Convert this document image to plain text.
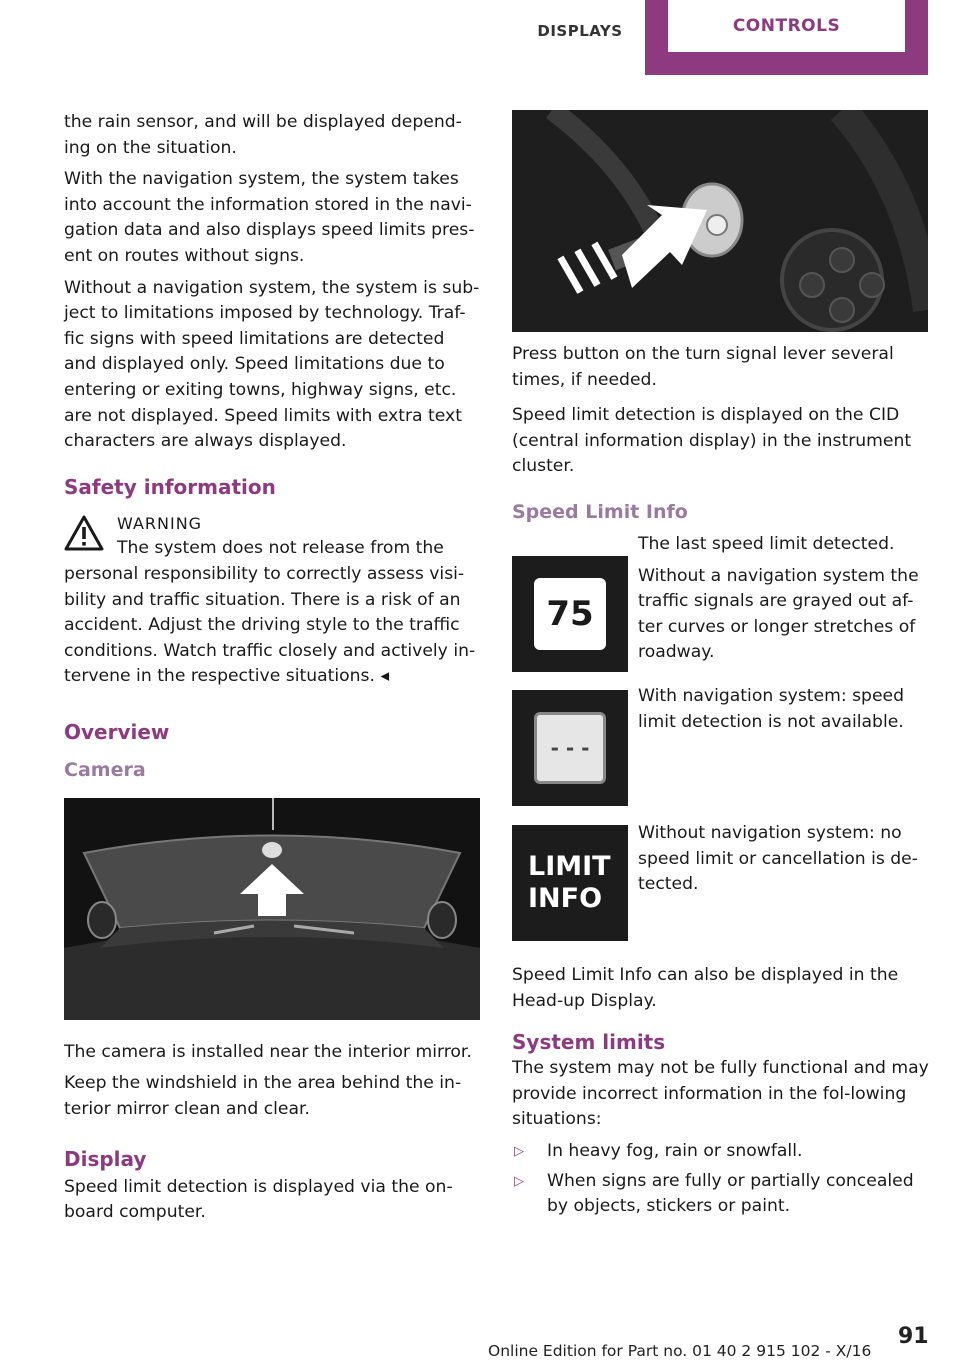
DISPLAYS	CONTROLS

the rain sensor, and will be displayed depend-ing on the situation.

With the navigation system, the system takes into account the information stored in the navi-gation data and also displays speed limits pres-ent on routes without signs.

Without a navigation system, the system is sub-ject to limitations imposed by technology. Traf-fic signs with speed limitations are detected and displayed only. Speed limitations due to entering or exiting towns, highway signs, etc. are not displayed. Speed limits with extra text characters are always displayed.

Safety information
WARNING
The system does not release from the
personal responsibility to correctly assess visi-bility and traffic situation. There is a risk of an accident. Adjust the driving style to the traffic conditions. Watch traffic closely and actively in-tervene in the respective situations. ◂
Overview
Camera

The camera is installed near the interior mirror.

Keep the windshield in the area behind the in-terior mirror clean and clear.

Display

Speed limit detection is displayed via the on-board computer.

Press button on the turn signal lever several times, if needed.

Speed limit detection is displayed on the CID (central information display) in the instrument cluster.

Speed Limit Info
75

The last speed limit detected.

Without a navigation system the traffic signals are grayed out af-ter curves or longer stretches of roadway.

- - -

With navigation system: speed limit detection is not available.

LIMIT
INFO

Without navigation system: no speed limit or cancellation is de-tected.

Speed Limit Info can also be displayed in the Head-up Display.

System limits

The system may not be fully functional and may provide incorrect information in the fol-lowing situations:

▷ In heavy fog, rain or snowfall.
▷ When signs are fully or partially concealed by objects, stickers or paint.
91
Online Edition for Part no. 01 40 2 915 102 - X/16
